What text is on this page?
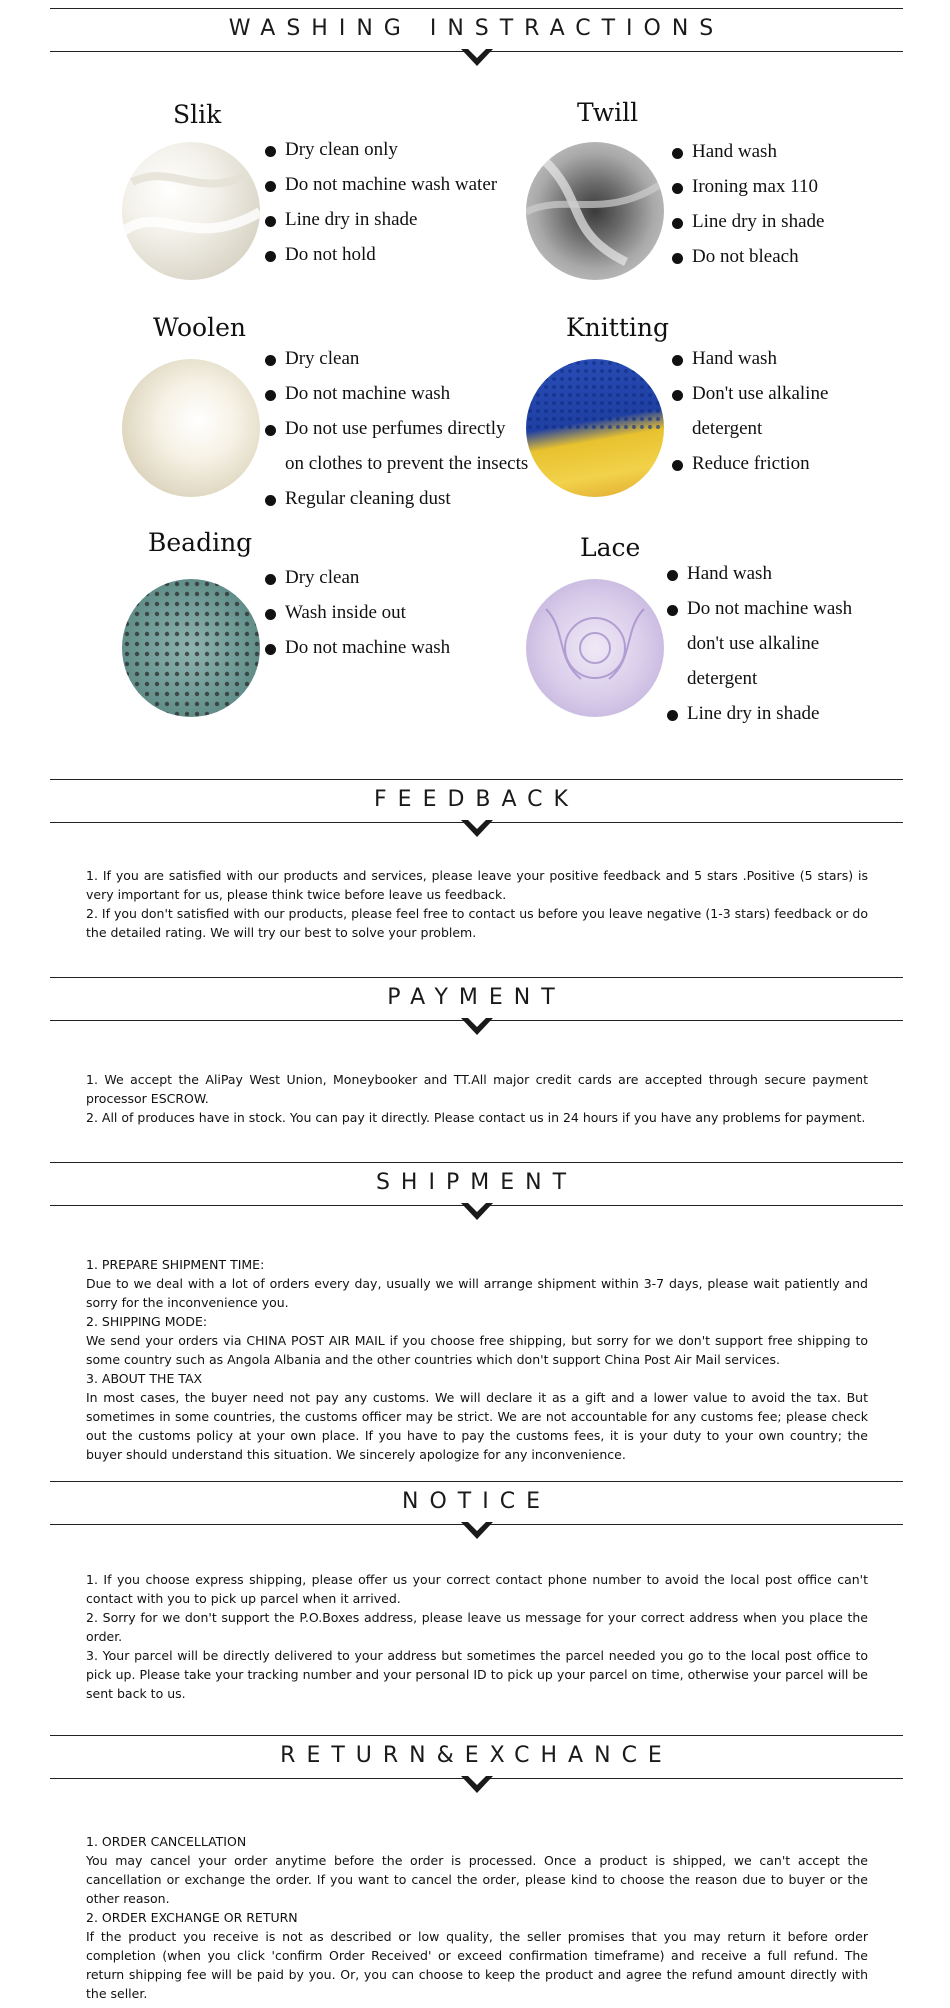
WASHING INSTRACTIONS
Slik
Dry clean only
Do not machine wash water
Line dry in shade
Do not hold
Twill
Hand wash
Ironing max 110
Line dry in shade
Do not bleach
Woolen
Dry clean
Do not machine wash
Do not use perfumes directly
on clothes to prevent the insects
Regular cleaning dust
Knitting
Hand wash
Don't use alkaline
detergent
Reduce friction
Beading
Dry clean
Wash inside out
Do not machine wash
Lace
Hand wash
Do not machine wash
don't use alkaline
detergent
Line dry in shade
FEEDBACK

1. If you are satisfied with our products and services, please leave your positive feedback and 5 stars .Positive (5 stars) is very important for us, please think twice before leave us feedback.

2. If you don't satisfied with our products, please feel free to contact us before you leave negative (1-3 stars) feedback or do the detailed rating. We will try our best to solve your problem.

PAYMENT

1. We accept the AliPay West Union, Moneybooker and TT.All major credit cards are accepted through secure payment processor ESCROW.

2. All of produces have in stock. You can pay it directly. Please contact us in 24 hours if you have any problems for payment.

SHIPMENT

1. PREPARE SHIPMENT TIME:

Due to we deal with a lot of orders every day, usually we will arrange shipment within 3-7 days, please wait patiently and sorry for the inconvenience you.

2. SHIPPING MODE:

We send your orders via CHINA POST AIR MAIL if you choose free shipping, but sorry for we don't support free shipping to some country such as Angola Albania and the other countries which don't support China Post Air Mail services.

3. ABOUT THE TAX

In most cases, the buyer need not pay any customs. We will declare it as a gift and a lower value to avoid the tax. But sometimes in some countries, the customs officer may be strict. We are not accountable for any customs fee; please check out the customs policy at your own place. If you have to pay the customs fees, it is your duty to your own country; the buyer should understand this situation. We sincerely apologize for any inconvenience.

NOTICE

1. If you choose express shipping, please offer us your correct contact phone number to avoid the local post office can't contact with you to pick up parcel when it arrived.

2. Sorry for we don't support the P.O.Boxes address, please leave us message for your correct address when you place the order.

3. Your parcel will be directly delivered to your address but sometimes the parcel needed you go to the local post office to pick up. Please take your tracking number and your personal ID to pick up your parcel on time, otherwise your parcel will be sent back to us.

RETURN&EXCHANCE

1. ORDER CANCELLATION

You may cancel your order anytime before the order is processed. Once a product is shipped, we can't accept the cancellation or exchange the order. If you want to cancel the order, please kind to choose the reason due to buyer or the other reason.

2. ORDER EXCHANGE OR RETURN

If the product you receive is not as described or low quality, the seller promises that you may return it before order completion (when you click 'confirm Order Received' or exceed confirmation timeframe) and receive a full refund. The return shipping fee will be paid by you. Or, you can choose to keep the product and agree the refund amount directly with the seller.
